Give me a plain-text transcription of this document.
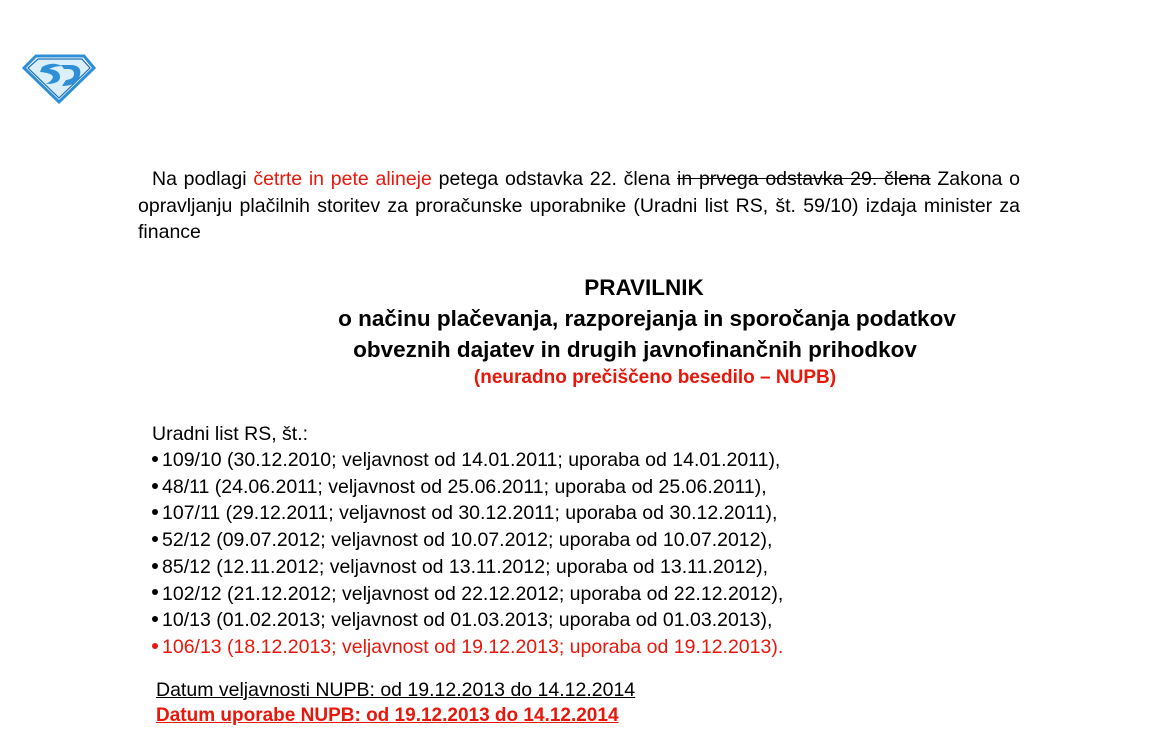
Na podlagi četrte in pete alineje petega odstavka 22. člena in prvega odstavka 29. člena Zakona o opravljanju plačilnih storitev za proračunske uporabnike (Uradni list RS, št. 59/10) izdaja minister za finance
PRAVILNIK
o načinu plačevanja, razporejanja in sporočanja podatkov
obveznih dajatev in drugih javnofinančnih prihodkov
(neuradno prečiščeno besedilo – NUPB)
Uradni list RS, št.:
109/10 (30.12.2010; veljavnost od 14.01.2011; uporaba od 14.01.2011),
48/11 (24.06.2011; veljavnost od 25.06.2011; uporaba od 25.06.2011),
107/11 (29.12.2011; veljavnost od 30.12.2011; uporaba od 30.12.2011),
52/12 (09.07.2012; veljavnost od 10.07.2012; uporaba od 10.07.2012),
85/12 (12.11.2012; veljavnost od 13.11.2012; uporaba od 13.11.2012),
102/12 (21.12.2012; veljavnost od 22.12.2012; uporaba od 22.12.2012),
10/13 (01.02.2013; veljavnost od 01.03.2013; uporaba od 01.03.2013),
106/13 (18.12.2013; veljavnost od 19.12.2013; uporaba od 19.12.2013).
Datum veljavnosti NUPB: od 19.12.2013 do 14.12.2014
Datum uporabe NUPB: od 19.12.2013 do 14.12.2014
